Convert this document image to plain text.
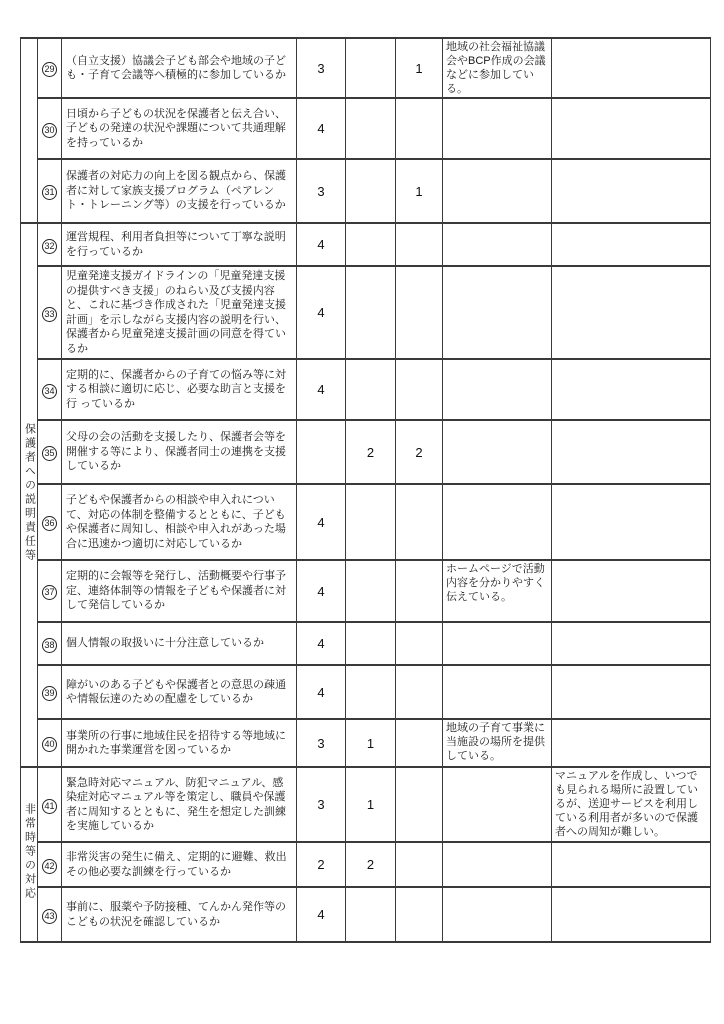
	29	（自立支援）協議会子ども部会や地域の子ど も・子育て会議等へ積極的に参加しているか	3		1	地域の社会福祉協議会やBCP作成の会議などに参加している。	

	30	日頃から子どもの状況を保護者と伝え合い、子どもの発達の状況や課題について共通理解を持っているか	4			

	31	保護者の対応力の向上を図る観点から、保護者に対して家族支援プログラム（ペアレント・トレーニング等）の支援を行っているか	3		1	

保護者への説明責任等	32	運営規程、利用者負担等について丁寧な説明を行っているか	4			

	33	児童発達支援ガイドラインの「児童発達支援の提供すべき支援」のねらい及び支援内容と、これに基づき作成された「児童発達支援計画」を示しながら支援内容の説明を行い、保護者から児童発達支援計画の同意を得ているか	4			

	34	定期的に、保護者からの子育ての悩み等に対する相談に適切に応じ、必要な助言と支援を行 っているか	4			

	35	父母の会の活動を支援したり、保護者会等を開催する等により、保護者同士の連携を支援しているか		2	2	

	36	子どもや保護者からの相談や申入れについて、対応の体制を整備するとともに、子どもや保護者に周知し、相談や申入れがあった場合に迅速かつ適切に対応しているか	4			

	37	定期的に会報等を発行し、活動概要や行事予定、連絡体制等の情報を子どもや保護者に対して発信しているか	4			ホームページで活動内容を分かりやすく伝えている。	

	38	個人情報の取扱いに十分注意しているか	4			

	39	障がいのある子どもや保護者との意思の疎通や情報伝達のための配慮をしているか	4			

	40	事業所の行事に地域住民を招待する等地域に開かれた事業運営を図っているか	3	1		地域の子育て事業に当施設の場所を提供している。	

非常時等の対応	41	緊急時対応マニュアル、防犯マニュアル、感染症対応マニュアル等を策定し、職員や保護者に周知するとともに、発生を想定した訓練を実施しているか	3	1			マニュアルを作成し、いつでも見られる場所に設置しているが、送迎サービスを利用している利用者が多いので保護者への周知が難しい。

	42	非常災害の発生に備え、定期的に避難、救出その他必要な訓練を行っているか	2	2		

	43	事前に、服薬や予防接種、てんかん発作等のこどもの状況を確認しているか	4			
